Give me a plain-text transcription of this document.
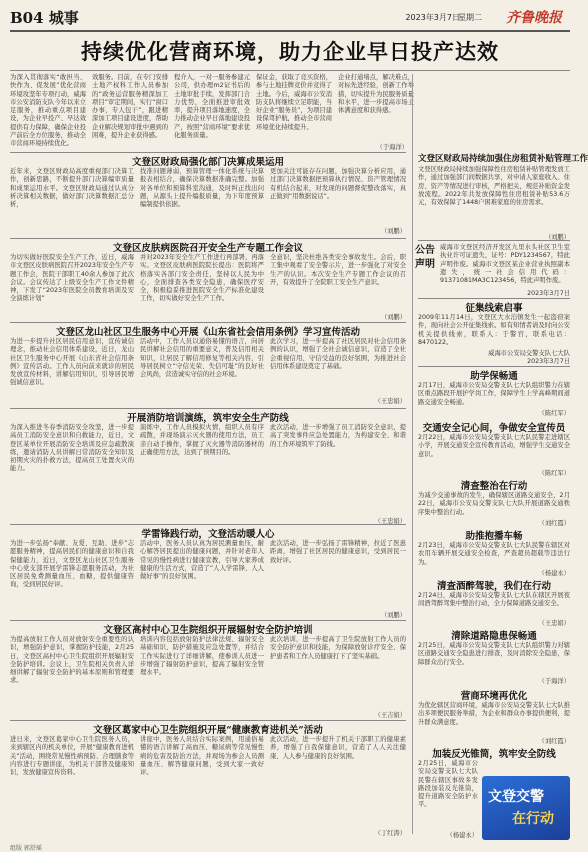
B04 城事	2023年3月7日
星期二 齐鲁晚报
持续优化营商环境，助力企业早日投产达效
为深入贯彻落实“敢担当、快作为、促发展”优化营商环境攻坚年专项行动，威海市公安消防支队今年以来立足服务，推动重点项目建设，为企业早投产、早达效提供有力保障，确保企业投产前后全方位服务，推动全市营商环境持续优化。
效服务。目前，在专门安排土地产权科工作人员参加的“政务运营服务精深加工项目”审定期间，实行“窗口办事，专人包干”，跟进精深加工项目建设进度，帮助企业解决规划审批中遇到的困难，提升企业获得感。
程介入，一对一服务参建元公司，供办理m2证书后的土地审批手续，发挥部门合力优势，全面推进审批效率，提升项目落地速度，全力推动企业早日落地建设投产，按照“营商环境”要求优化服务质量。
保证金，获取了竞买资格，参与土地挂牌竞价并竞得了土地。今后，威海市公安消防支队将继续立足职能，当好企业“服务员”，为项目建设保驾护航，推动全市营商环境优化持续提升。
企业打通堵点，解决难点，对标先进经验，创新工作举措，切实提升为民服务质量和水平，进一步提高市场主体满意度和获得感。
（于海洋）
文登区财政局强化部门决算成果运用
近年来，文登区财政局高度重视部门决算工作，创新思路，不断提升部门决算编审质量和成果运用水平。文登区财政局通过认真分析决算相关数据，做好部门决算数据汇总分析，
找准问题薄弱，预算管理一体化系统与决算报表相结合，确保决算数据准确完整。加强对各单位和预算科室沟通，及时纠正找出问题，从源头上提升编报质量，为下年度预算编制提供依据。
更加关注可能存在问题，加强决算分析应用，通过部门决算数据把预算执行情况、资产管理情况有机结合起来，对发现的问题督促整改落实，真正做到“用数据说话”。
（刘鹏）
文登区皮肤病医院召开安全生产专题工作会议
为切实做好医院安全生产工作，近日，威海市文登区皮肤病医院召开2023年安全生产专题工作会，医院干部职工40余人参加了此次会议。会议传达了上级安全生产工作文件精神，下发了“2023年医院全员教育培训及安全演练计划”
并对2023年安全生产工作进行再部署，再落实。文登区皮肤病医院院长提出：医院将严格落实各部门安全责任，坚持以人民为中心，全面排查各类安全隐患，确保医疗安全，积极稳妥推进医院安全生产标准化建设工作，切实做好安全生产工作。
全意识，坚决杜绝各类安全事故发生。会后，职工集中观看了安全警示片，进一步强化了对安全生产的认识。本次安全生产专题工作会议的召开，有效提升了全院职工安全生产意识。
（刘鹏）
文登区龙山社区卫生服务中心开展《山东省社会信用条例》学习宣传活动
为进一步提升社区居民信用意识，宣传诚信理念，推动社会信用体系建设，近日，龙山社区卫生服务中心开展《山东省社会信用条例》宣传活动。工作人员向前来就诊的居民发放宣传材料，讲解信用知识，引导居民增强诚信意识。
活动中，工作人员以通俗易懂的语言，向居民讲解社会信用的重要意义，普及信用相关知识，让居民了解信用修复等相关内容，引导居民树立“守信光荣、失信可耻”的良好社会风尚，营造诚实守信的社会环境。
此次学习，进一步提高了社区居民对社会信用条例的认识，增强了全社会诚信意识，营造了全社会重视信用、守信受益的良好氛围，为推进社会信用体系建设奠定了基础。
（王忠娟）
开展消防培训演练，筑牢安全生产防线
为深入推进冬春季消防安全攻坚，进一步提高员工消防安全意识和自救能力，近日，文登区某单位开展消防安全培训及应急疏散演练，邀请消防人员讲解日常消防安全知识及初期火灾的扑救方法，提高员工处置火灾的能力。
演练中，工作人员模拟火情，组织人员有序疏散，并现场演示灭火器的使用方法，员工亲自动手操作，掌握了灭火器等消防器材的正确使用方法，达到了预期目的。
此次活动，进一步增强了员工消防安全意识，提高了突发事件应急处置能力，为构建安全、和谐的工作环境筑牢了防线。
（王忠娟）
学雷锋践行动，文登活动暖人心
为进一步弘扬“奉献、友爱、互助、进步”志愿服务精神，提高居民们的健康意识和自我保健能力，近日，文登区龙山社区卫生服务中心党支部开展学雷锋志愿服务活动，为社区居民免费测量血压、血糖，提供健康咨询，受到居民好评。
活动中，医务人员认真为居民测量血压，耐心解答居民提出的健康问题，并针对老年人常见的慢性病进行健康宣教，引导大家养成健康的生活方式，营造了“人人学雷锋、人人做好事”的良好氛围。
此次活动，进一步弘扬了雷锋精神，拉近了医患距离，增强了社区居民的健康意识，受到居民一致好评。
（刘鹏）
文登区高村中心卫生院组织开展辐射安全防护培训
为提高放射工作人员对放射安全重要性的认识，增强防护意识，掌握防护技能，2月25日，文登区高村中心卫生院组织开展辐射安全防护培训。会议上，卫生院相关负责人详细讲解了辐射安全防护的基本原则和管理要求。
培训内容包括放射防护法律法规、辐射安全基础知识、防护措施及应急处置等，并结合工作实际进行了详细讲解，使参训人员进一步增强了辐射防护意识，提高了辐射安全管理水平。
此次培训，进一步提高了卫生院放射工作人员的安全防护意识和技能，为保障放射诊疗安全、保护患者和工作人员健康打下了坚实基础。
（王吉娟）
文登区葛家中心卫生院组织开展“健康教育进机关”活动
进日来，文登区葛家中心卫生院医务人员，来到辖区内的机关单位，开展“健康教育进机关”活动，围绕常见慢性病预防、合理膳食等内容进行专题讲座，为机关干部普及健康知识，发放健康宣传资料。
讲座中，医务人员结合实际案例，用通俗易懂的语言讲解了高血压、糖尿病等常见慢性病的危害及防治方法，并现场为参会人员测量血压、解答健康问题，受到大家一致好评。
此次活动，进一步提升了机关干部职工的健康素养，增强了自我保健意识，营造了人人关注健康、人人参与健康的良好氛围。
（丁红涛）
文登区财政局持续加强住房租赁补贴管理工作
文登区财政局持续加强保障性住房租赁补贴管理发放工作，通过加强部门间数据共享，对申请人家庭收入、住房、资产等情况进行审核，严格把关，规范补贴资金发放流程。2022年共发放保障性住房租赁补贴53.6万元，有效保障了1448户困难家庭的住房需求。
（刘鹏）
公告声明
威海市文登区经济开发区九里水头社区卫生室执业许可证遗失，证号：PDY1234567，特此声明作废。威海市文登区某企业营业执照副本遗失，统一社会信用代码：91371081MA3C123456，特此声明作废。
2023年3月7日
征集线索启事
2009年11月14日，文登区大水泊镇发生一起盗窃案件，现向社会公开征集线索。如有知情者请及时向公安机关提供线索，联系人：于警官，联系电话：8470122。
威海市公安局交警支队七大队
2023年3月7日
助学保畅通
2月17日，威海市公安局交警支队七大队组织警力在辖区重点路段开展护学岗工作，保障学生上学高峰期间道路交通安全畅通。
（陈红军）
交通安全记心间，争做安全宣传员
2月22日，威海市公安局交警支队七大队民警走进辖区小学，开展交通安全宣传教育活动，增强学生交通安全意识。
（陈红军）
清查整治在行动
为减少交通事故的发生，确保辖区道路交通安全，2月22日，威海市公安局交警支队七大队开展道路交通秩序集中整治行动。
（刘红霞）
助推抱播车畅
2月23日，威海市公安局交警支队七大队民警在辖区对农用车辆开展交通安全检查，严查超员超载等违法行为。
（杨建永）
清查酒醉驾驶，我们在行动
2月24日，威海市公安局交警支队七大队在辖区开展夜间酒驾醉驾集中整治行动，全力保障道路交通安全。
（王忠娟）
清除道路隐患保畅通
2月25日，威海市公安局交警支队七大队组织警力对辖区道路交通安全隐患进行排查，及时消除安全隐患，保障群众出行安全。
（于海洋）
营商环境再优化
为优化辖区营商环境，威海市公安局交警支队七大队推出多项便民服务举措，为企业和群众办事提供便利，提升群众满意度。
（刘红霞）
加装反光锥筒，筑牢安全防线
2月25日，威海市公安局交警支队七大队民警在辖区事故多发路段加装反光锥筒，提升道路安全防护水平。
（杨建永）
文登交警
在行动
组版 郭舒瑶
